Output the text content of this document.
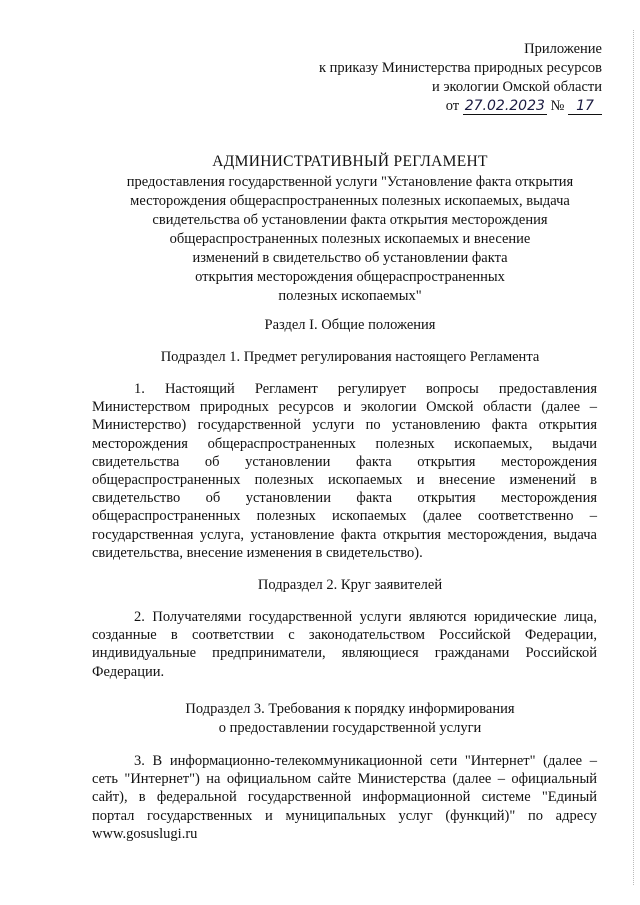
Приложение
к приказу Министерства природных ресурсов
и экологии Омской области
от 27.02.2023 № 17
АДМИНИСТРАТИВНЫЙ РЕГЛАМЕНТ
предоставления государственной услуги "Установление факта открытия
месторождения общераспространенных полезных ископаемых, выдача
свидетельства об установлении факта открытия месторождения
общераспространенных полезных ископаемых и внесение
изменений в свидетельство об установлении факта
открытия месторождения общераспространенных
полезных ископаемых"
Раздел I. Общие положения
Подраздел 1. Предмет регулирования настоящего Регламента
1. Настоящий Регламент регулирует вопросы предоставления Министерством природных ресурсов и экологии Омской области (далее – Министерство) государственной услуги по установлению факта открытия месторождения общераспространенных полезных ископаемых, выдачи свидетельства об установлении факта открытия месторождения общераспространенных полезных ископаемых и внесение изменений в свидетельство об установлении факта открытия месторождения общераспространенных полезных ископаемых (далее соответственно – государственная услуга, установление факта открытия месторождения, выдача свидетельства, внесение изменения в свидетельство).
Подраздел 2. Круг заявителей
2. Получателями государственной услуги являются юридические лица, созданные в соответствии с законодательством Российской Федерации, индивидуальные предприниматели, являющиеся гражданами Российской Федерации.
Подраздел 3. Требования к порядку информирования
о предоставлении государственной услуги
3. В информационно-телекоммуникационной сети "Интернет" (далее – сеть "Интернет") на официальном сайте Министерства (далее – официальный сайт), в федеральной государственной информационной системе "Единый портал государственных и муниципальных услуг (функций)" по адресу www.gosuslugi.ru
